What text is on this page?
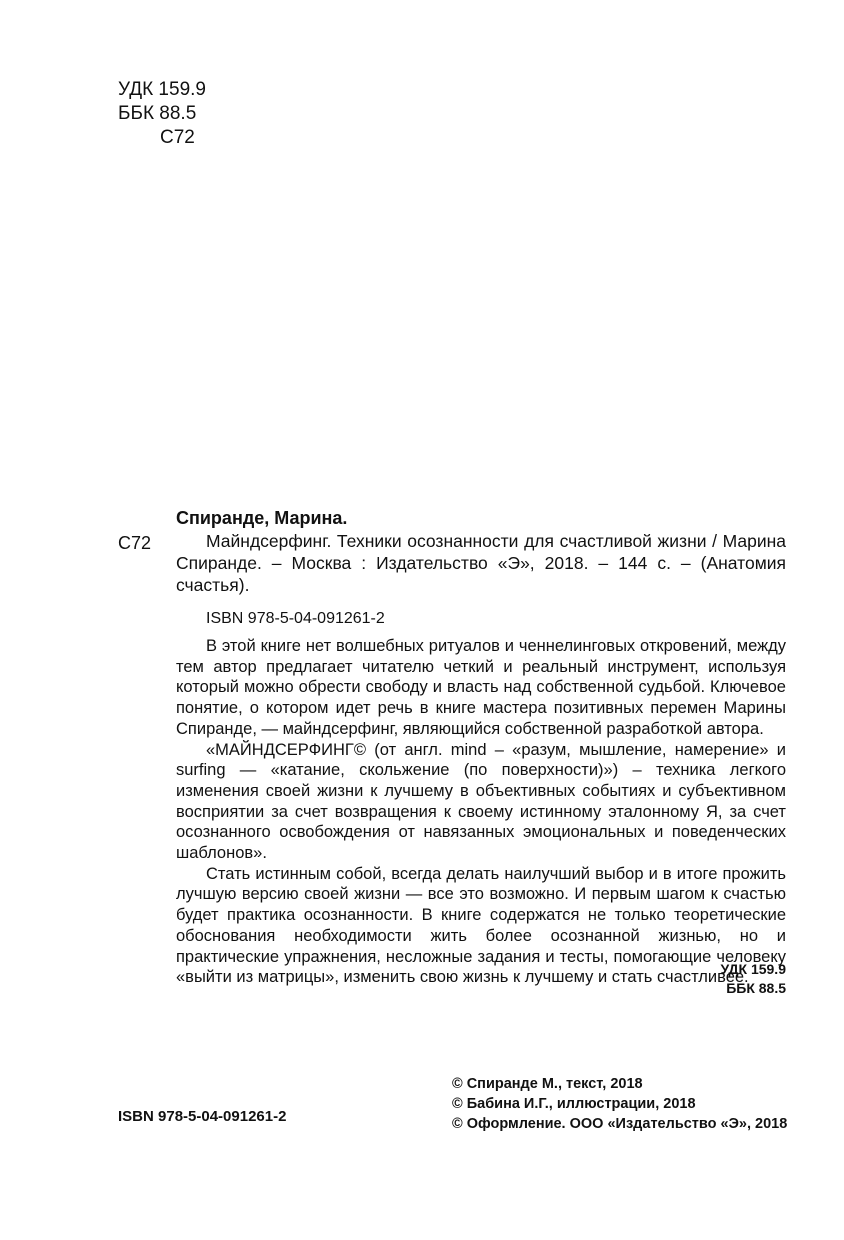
УДК 159.9
ББК 88.5
С72
Спиранде, Марина.
С72	Майндсерфинг. Техники осознанности для счастливой жизни / Марина Спиранде. – Москва : Издательство «Э», 2018. – 144 с. – (Анатомия счастья).
ISBN 978-5-04-091261-2

В этой книге нет волшебных ритуалов и ченнелинговых откровений, между тем автор предлагает читателю четкий и реальный инструмент, используя который можно обрести свободу и власть над собственной судьбой. Ключевое понятие, о котором идет речь в книге мастера позитивных перемен Марины Спиранде, — майндсерфинг, являющийся собственной разработкой автора.

«МАЙНДСЕРФИНГ© (от англ. mind – «разум, мышление, намерение» и surfing — «катание, скольжение (по поверхности)») – техника легкого изменения своей жизни к лучшему в объективных событиях и субъективном восприятии за счет возвращения к своему истинному эталонному Я, за счет осознанного освобождения от навязанных эмоциональных и поведенческих шаблонов».

Стать истинным собой, всегда делать наилучший выбор и в итоге прожить лучшую версию своей жизни — все это возможно. И первым шагом к счастью будет практика осознанности. В книге содержатся не только теоретические обоснования необходимости жить более осознанной жизнью, но и практические упражнения, несложные задания и тесты, помогающие человеку «выйти из матрицы», изменить свою жизнь к лучшему и стать счастливее.

УДК 159.9
ББК 88.5
ISBN 978-5-04-091261-2
© Спиранде М., текст, 2018
© Бабина И.Г., иллюстрации, 2018
© Оформление. ООО «Издательство «Э», 2018
